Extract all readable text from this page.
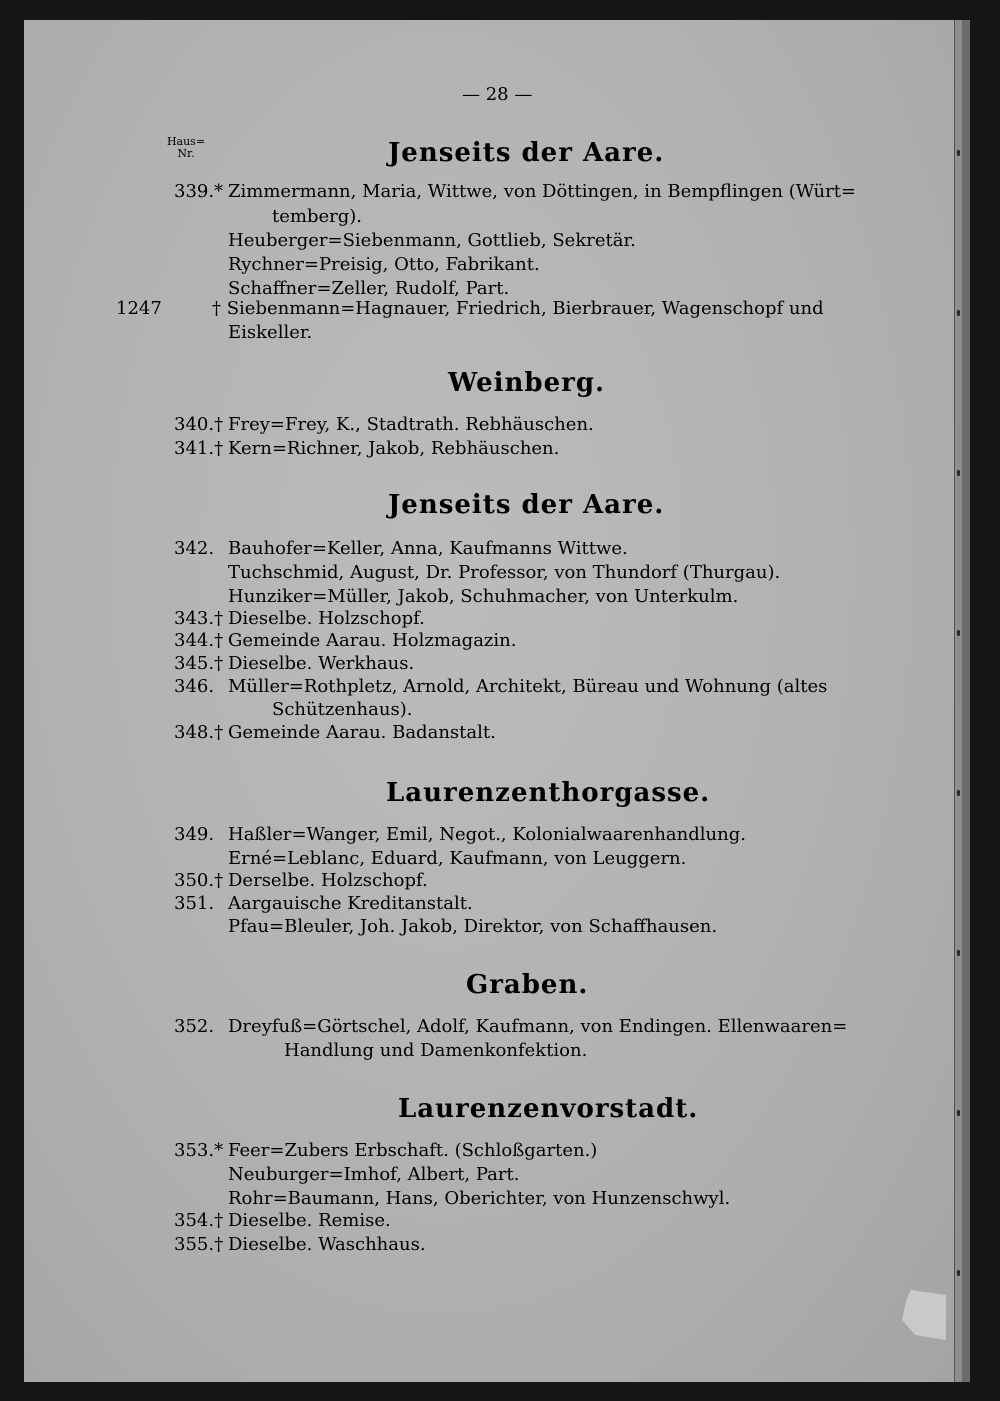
— 28 —
Haus=
Nr.	Jenseits der Aare.
339.* Zimmermann, Maria, Wittwe, von Döttingen, in Bempflingen (Würt=
temberg).
Heuberger=Siebenmann, Gottlieb, Sekretär.
Rychner=Preisig, Otto, Fabrikant.
Schaffner=Zeller, Rudolf, Part.
1247	† Siebenmann=Hagnauer, Friedrich, Bierbrauer, Wagenschopf und
Eiskeller.
Weinberg.
340.† Frey=Frey, K., Stadtrath. Rebhäuschen.
341.† Kern=Richner, Jakob, Rebhäuschen.
Jenseits der Aare.
342. Bauhofer=Keller, Anna, Kaufmanns Wittwe.
Tuchschmid, August, Dr. Professor, von Thundorf (Thurgau).
Hunziker=Müller, Jakob, Schuhmacher, von Unterkulm.
343.† Dieselbe. Holzschopf.
344.† Gemeinde Aarau. Holzmagazin.
345.† Dieselbe. Werkhaus.
346. Müller=Rothpletz, Arnold, Architekt, Büreau und Wohnung (altes
Schützenhaus).
348.† Gemeinde Aarau. Badanstalt.
Laurenzenthorgasse.
349. Haßler=Wanger, Emil, Negot., Kolonialwaarenhandlung.
Erné=Leblanc, Eduard, Kaufmann, von Leuggern.
350.† Derselbe. Holzschopf.
351. Aargauische Kreditanstalt.
Pfau=Bleuler, Joh. Jakob, Direktor, von Schaffhausen.
Graben.
352. Dreyfuß=Görtschel, Adolf, Kaufmann, von Endingen. Ellenwaaren=
Handlung und Damenkonfektion.
Laurenzenvorstadt.
353.* Feer=Zubers Erbschaft. (Schloßgarten.)
Neuburger=Imhof, Albert, Part.
Rohr=Baumann, Hans, Oberichter, von Hunzenschwyl.
354.† Dieselbe. Remise.
355.† Dieselbe. Waschhaus.
